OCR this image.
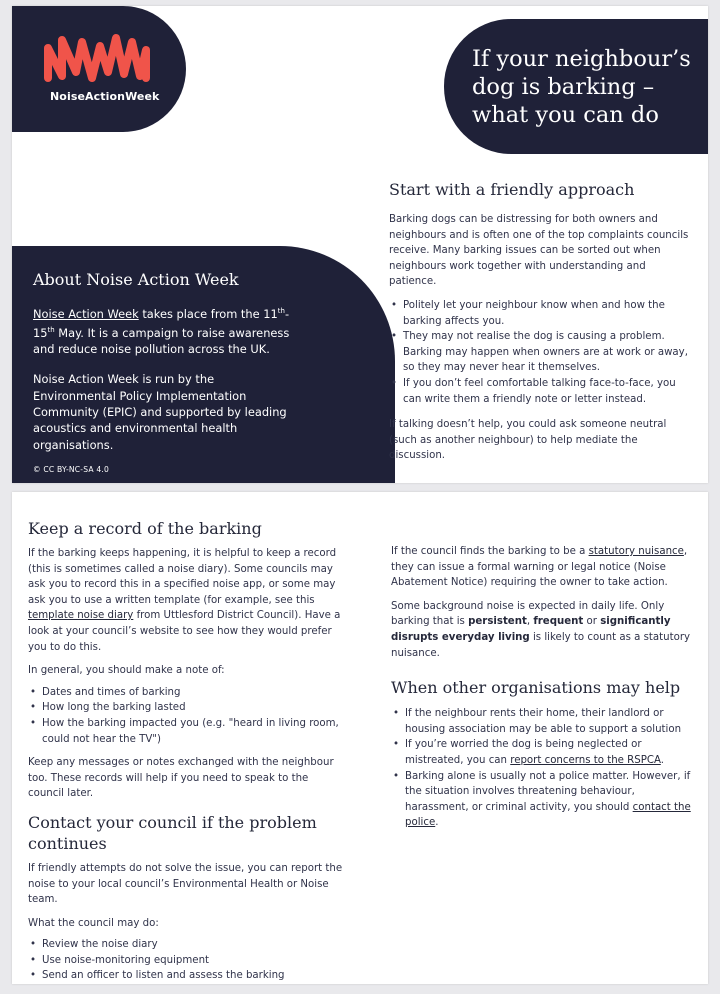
NoiseActionWeek
If your neighbour’s
dog is barking –
what you can do
About Noise Action Week

Noise Action Week takes place from the 11th-15th May. It is a campaign to raise awareness and reduce noise pollution across the UK.

Noise Action Week is run by the Environmental Policy Implementation Community (EPIC) and supported by leading acoustics and environmental health organisations.

© CC BY-NC-SA 4.0
Start with a friendly approach

Barking dogs can be distressing for both owners and neighbours and is often one of the top complaints councils receive. Many barking issues can be sorted out when neighbours work together with understanding and patience.

• Politely let your neighbour know when and how the barking affects you.
• They may not realise the dog is causing a problem. Barking may happen when owners are at work or away, so they may never hear it themselves.
• If you don’t feel comfortable talking face-to-face, you can write them a friendly note or letter instead.

If talking doesn’t help, you could ask someone neutral (such as another neighbour) to help mediate the discussion.

Keep a record of the barking

If the barking keeps happening, it is helpful to keep a record (this is sometimes called a noise diary). Some councils may ask you to record this in a specified noise app, or some may ask you to use a written template (for example, see this template noise diary from Uttlesford District Council). Have a look at your council’s website to see how they would prefer you to do this.

In general, you should make a note of:

• Dates and times of barking
• How long the barking lasted
• How the barking impacted you (e.g. "heard in living room, could not hear the TV")

Keep any messages or notes exchanged with the neighbour too. These records will help if you need to speak to the council later.

Contact your council if the problem continues

If friendly attempts do not solve the issue, you can report the noise to your local council’s Environmental Health or Noise team.

What the council may do:

• Review the noise diary
• Use noise-monitoring equipment
• Send an officer to listen and assess the barking

If the council finds the barking to be a statutory nuisance, they can issue a formal warning or legal notice (Noise Abatement Notice) requiring the owner to take action.

Some background noise is expected in daily life. Only barking that is persistent, frequent or significantly disrupts everyday living is likely to count as a statutory nuisance.

When other organisations may help
• If the neighbour rents their home, their landlord or housing association may be able to support a solution
• If you’re worried the dog is being neglected or mistreated, you can report concerns to the RSPCA.
• Barking alone is usually not a police matter. However, if the situation involves threatening behaviour, harassment, or criminal activity, you should contact the police.
